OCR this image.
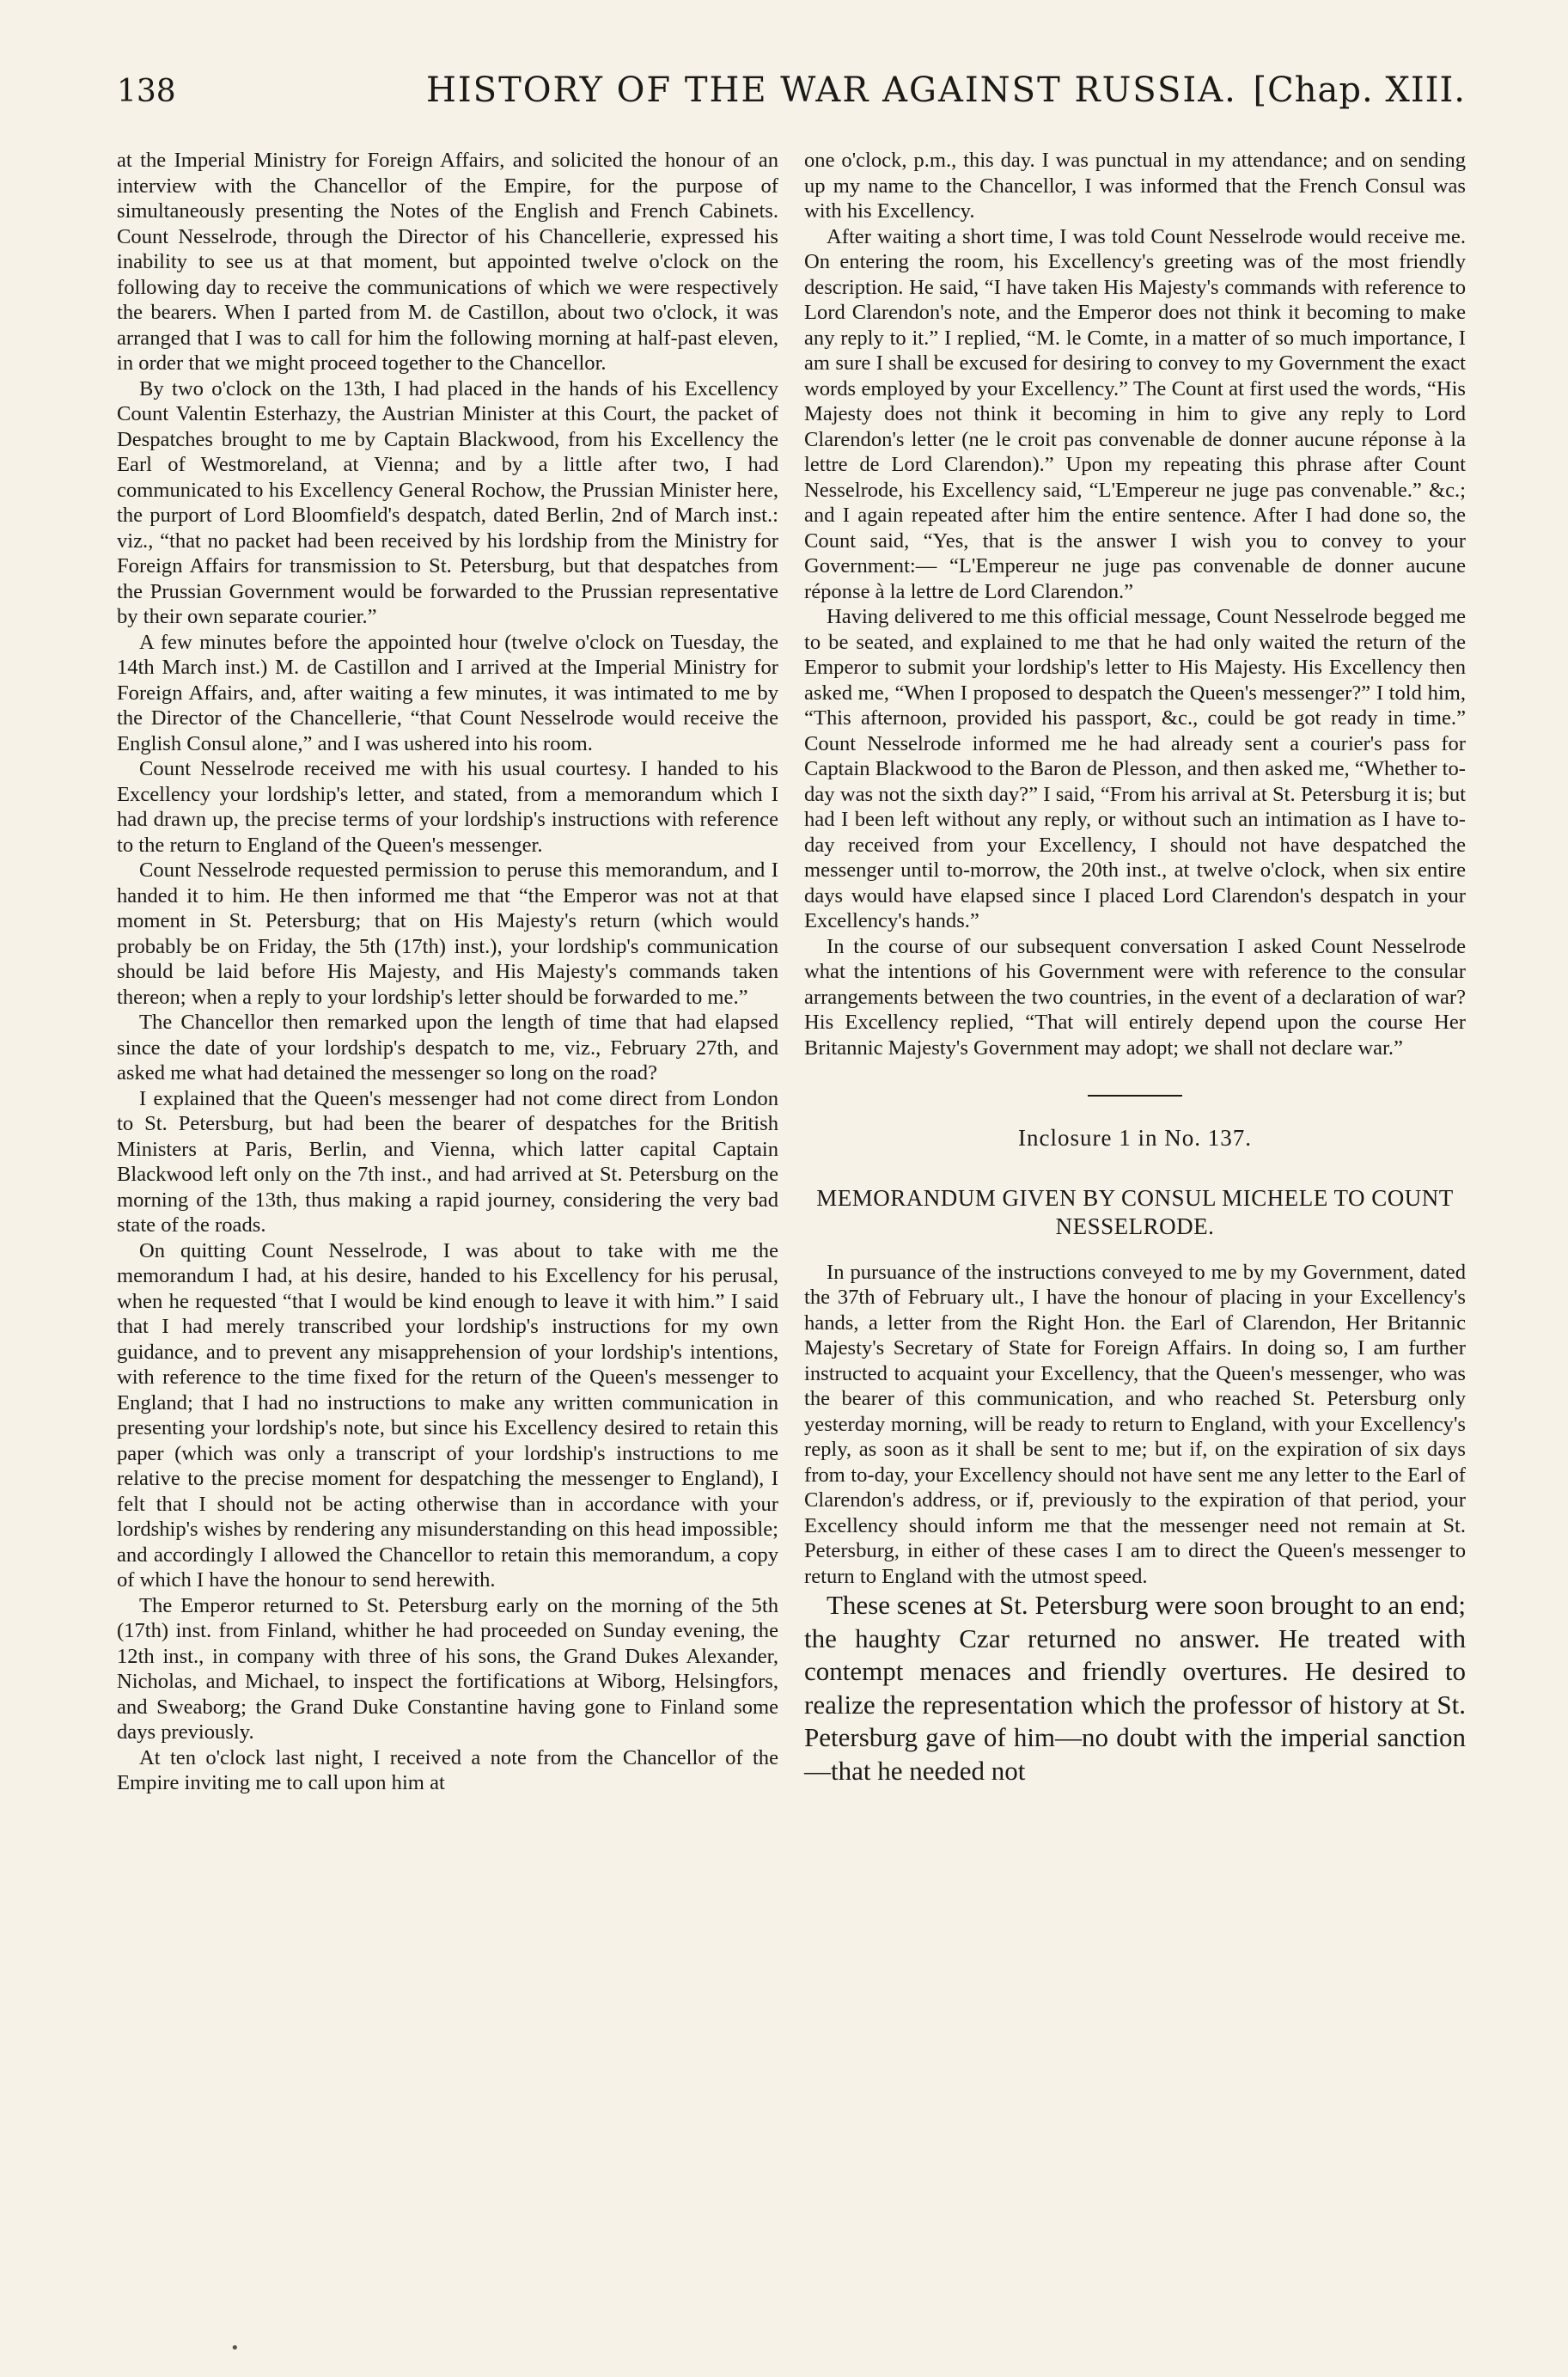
138	HISTORY OF THE WAR AGAINST RUSSIA. [Chap. XIII.

at the Imperial Ministry for Foreign Affairs, and solicited the honour of an interview with the Chancellor of the Empire, for the purpose of simultaneously presenting the Notes of the English and French Cabinets. Count Nesselrode, through the Director of his Chancellerie, expressed his inability to see us at that moment, but appointed twelve o'clock on the following day to receive the communications of which we were respectively the bearers. When I parted from M. de Castillon, about two o'clock, it was arranged that I was to call for him the following morning at half-past eleven, in order that we might proceed together to the Chancellor.

By two o'clock on the 13th, I had placed in the hands of his Excellency Count Valentin Esterhazy, the Austrian Minister at this Court, the packet of Despatches brought to me by Captain Blackwood, from his Excellency the Earl of Westmoreland, at Vienna; and by a little after two, I had communicated to his Excellency General Rochow, the Prussian Minister here, the purport of Lord Bloomfield's despatch, dated Berlin, 2nd of March inst.: viz., “that no packet had been received by his lordship from the Ministry for Foreign Affairs for transmission to St. Petersburg, but that despatches from the Prussian Government would be forwarded to the Prussian representative by their own separate courier.”

A few minutes before the appointed hour (twelve o'clock on Tuesday, the 14th March inst.) M. de Castillon and I arrived at the Imperial Ministry for Foreign Affairs, and, after waiting a few minutes, it was intimated to me by the Director of the Chancellerie, “that Count Nesselrode would receive the English Consul alone,” and I was ushered into his room.

Count Nesselrode received me with his usual courtesy. I handed to his Excellency your lordship's letter, and stated, from a memorandum which I had drawn up, the precise terms of your lordship's instructions with reference to the return to England of the Queen's messenger.

Count Nesselrode requested permission to peruse this memorandum, and I handed it to him. He then informed me that “the Emperor was not at that moment in St. Petersburg; that on His Majesty's return (which would probably be on Friday, the 5th (17th) inst.), your lordship's communication should be laid before His Majesty, and His Majesty's commands taken thereon; when a reply to your lordship's letter should be forwarded to me.”

The Chancellor then remarked upon the length of time that had elapsed since the date of your lordship's despatch to me, viz., February 27th, and asked me what had detained the messenger so long on the road?

I explained that the Queen's messenger had not come direct from London to St. Petersburg, but had been the bearer of despatches for the British Ministers at Paris, Berlin, and Vienna, which latter capital Captain Blackwood left only on the 7th inst., and had arrived at St. Petersburg on the morning of the 13th, thus making a rapid journey, considering the very bad state of the roads.

On quitting Count Nesselrode, I was about to take with me the memorandum I had, at his desire, handed to his Excellency for his perusal, when he requested “that I would be kind enough to leave it with him.” I said that I had merely transcribed your lordship's instructions for my own guidance, and to prevent any misapprehension of your lordship's intentions, with reference to the time fixed for the return of the Queen's messenger to England; that I had no instructions to make any written communication in presenting your lordship's note, but since his Excellency desired to retain this paper (which was only a transcript of your lordship's instructions to me relative to the precise moment for despatching the messenger to England), I felt that I should not be acting otherwise than in accordance with your lordship's wishes by rendering any misunderstanding on this head impossible; and accordingly I allowed the Chancellor to retain this memorandum, a copy of which I have the honour to send herewith.

The Emperor returned to St. Petersburg early on the morning of the 5th (17th) inst. from Finland, whither he had proceeded on Sunday evening, the 12th inst., in company with three of his sons, the Grand Dukes Alexander, Nicholas, and Michael, to inspect the fortifications at Wiborg, Helsingfors, and Sweaborg; the Grand Duke Constantine having gone to Finland some days previously.

At ten o'clock last night, I received a note from the Chancellor of the Empire inviting me to call upon him at

one o'clock, p.m., this day. I was punctual in my attendance; and on sending up my name to the Chancellor, I was informed that the French Consul was with his Excellency.

After waiting a short time, I was told Count Nesselrode would receive me. On entering the room, his Excellency's greeting was of the most friendly description. He said, “I have taken His Majesty's commands with reference to Lord Clarendon's note, and the Emperor does not think it becoming to make any reply to it.” I replied, “M. le Comte, in a matter of so much importance, I am sure I shall be excused for desiring to convey to my Government the exact words employed by your Excellency.” The Count at first used the words, “His Majesty does not think it becoming in him to give any reply to Lord Clarendon's letter (ne le croit pas convenable de donner aucune réponse à la lettre de Lord Clarendon).” Upon my repeating this phrase after Count Nesselrode, his Excellency said, “L'Empereur ne juge pas convenable.” &c.; and I again repeated after him the entire sentence. After I had done so, the Count said, “Yes, that is the answer I wish you to convey to your Government:— “L'Empereur ne juge pas convenable de donner aucune réponse à la lettre de Lord Clarendon.”

Having delivered to me this official message, Count Nesselrode begged me to be seated, and explained to me that he had only waited the return of the Emperor to submit your lordship's letter to His Majesty. His Excellency then asked me, “When I proposed to despatch the Queen's messenger?” I told him, “This afternoon, provided his passport, &c., could be got ready in time.” Count Nesselrode informed me he had already sent a courier's pass for Captain Blackwood to the Baron de Plesson, and then asked me, “Whether to-day was not the sixth day?” I said, “From his arrival at St. Petersburg it is; but had I been left without any reply, or without such an intimation as I have to-day received from your Excellency, I should not have despatched the messenger until to-morrow, the 20th inst., at twelve o'clock, when six entire days would have elapsed since I placed Lord Clarendon's despatch in your Excellency's hands.”

In the course of our subsequent conversation I asked Count Nesselrode what the intentions of his Government were with reference to the consular arrangements between the two countries, in the event of a declaration of war? His Excellency replied, “That will entirely depend upon the course Her Britannic Majesty's Government may adopt; we shall not declare war.”

Inclosure 1 in No. 137.
MEMORANDUM GIVEN BY CONSUL MICHELE TO COUNT NESSELRODE.

In pursuance of the instructions conveyed to me by my Government, dated the 37th of February ult., I have the honour of placing in your Excellency's hands, a letter from the Right Hon. the Earl of Clarendon, Her Britannic Majesty's Secretary of State for Foreign Affairs. In doing so, I am further instructed to acquaint your Excellency, that the Queen's messenger, who was the bearer of this communication, and who reached St. Petersburg only yesterday morning, will be ready to return to England, with your Excellency's reply, as soon as it shall be sent to me; but if, on the expiration of six days from to-day, your Excellency should not have sent me any letter to the Earl of Clarendon's address, or if, previously to the expiration of that period, your Excellency should inform me that the messenger need not remain at St. Petersburg, in either of these cases I am to direct the Queen's messenger to return to England with the utmost speed.

These scenes at St. Petersburg were soon brought to an end; the haughty Czar returned no answer. He treated with contempt menaces and friendly overtures. He desired to realize the representation which the professor of history at St. Petersburg gave of him—no doubt with the imperial sanction—that he needed not

•
